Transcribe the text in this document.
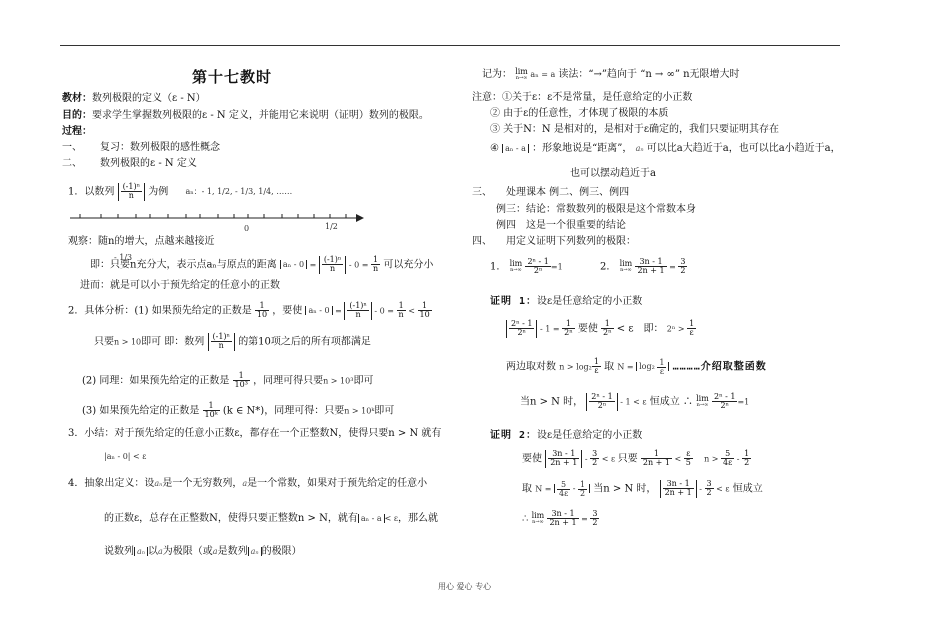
第十七教时
教材：数列极限的定义（ε - N）
目的：要求学生掌握数列极限的ε - N 定义，并能用它来说明（证明）数列的极限。
过程：
一、 复习：数列极限的感性概念
二、 数列极限的ε - N 定义
1．以数列 $\frac{\text{(-1)ⁿ}}{n}$ 为例 aₙ：- 1, 1/2, - 1/3, 1/4, ……
0	1/2
- 1/3
观察：随n的增大，点越来越接近
即：只要n充分大，表示点aₙ与原点的距离 $a_n - 0 = \frac{\text{(-1)ⁿ}}{n} - 0 = \frac{1}{n}$ 可以充分小
进而：就是可以小于预先给定的任意小的正数
2．具体分析：(1) 如果预先给定的正数是 $\frac{1}{10}$ ，要使 $a_n - 0 = \frac{\text{(-1)ⁿ}}{n} - 0 = \frac{1}{n} < \frac{1}{10}$
只要n > 10即可 即：数列 $\frac{\text{(-1)ⁿ}}{n}$ 的第10项之后的所有项都满足
(2) 同理：如果预先给定的正数是 $\frac{1}{\text{10³}}$ ，同理可得只要n > 10³即可
(3) 如果预先给定的正数是 $\frac{1}{\text{10ᵏ}} (k$ ∈ N*)，同理可得：只要n > 10ᵏ即可
3．小结：对于预先给定的任意小正数ε，都存在一个正整数N，使得只要n > N 就有
|aₙ - 0| < ε
4．抽象出定义：设aₙ是一个无穷数列，a是一个常数，如果对于预先给定的任意小
的正数ε，总存在正整数N，使得只要正整数n > N，就有 aₙ - a < ε，那么就
说数列 aₙ 以a为极限（或a是数列 aₙ 的极限）
记为： lim
n→∞ aₙ = a 读法：“→”趋向于 “n → ∞” n无限增大时
注意：①关于ε：ε不是常量，是任意给定的小正数
② 由于ε的任意性，才体现了极限的本质
③ 关于N：N 是相对的，是相对于ε确定的，我们只要证明其存在
④ aₙ - a ：形象地说是“距离”， aₙ 可以比a大趋近于a，也可以比a小趋近于a，
也可以摆动趋近于a
三、 处理课本 例二、例三、例四
例三：结论：常数数列的极限是这个常数本身
例四　这是一个很重要的结论
四、 用定义证明下列数列的极限：
1． lim
n→∞
$\frac{\text{2ⁿ - 1}}{\text{2ⁿ}} =1$	2． lim
n→∞
$\frac{3n - 1}{2n + 1} = \frac{3}{2}$
证明 1：设ε是任意给定的小正数
$\frac{\text{2ⁿ - 1}}{\text{2ⁿ}} - 1 = \frac{1}{\text{2ⁿ}}$ 要使 $\frac{1}{\text{2ⁿ}} < \varepsilon$　即： $2^n > \frac{1}{\varepsilon}$
两边取对数 $n > \log_2 \frac{1}{\varepsilon}$ 取 $N = \log_2 \frac{1}{\varepsilon}$ …………介绍取整函数
当n > N 时， $\frac{\text{2ⁿ - 1}}{\text{2ⁿ}} - 1 < \varepsilon$ 恒成立 ∴ lim
n→∞
$\frac{\text{2ⁿ - 1}}{\text{2ⁿ}} =1$
证明 2：设ε是任意给定的小正数
要使 $\frac{3n - 1}{2n + 1} - \frac{3}{2} < \varepsilon$ 只要 $\frac{1}{2n + 1} < \frac{\varepsilon}{5}$ 　$n > \frac{5}{4\varepsilon} - \frac{1}{2}$
取 $N = \frac{5}{4\varepsilon} - \frac{1}{2}$ 当n > N 时， $\frac{3n - 1}{2n + 1} - \frac{3}{2} < \varepsilon$ 恒成立
∴ lim
n→∞
$\frac{3n - 1}{2n + 1} = \frac{3}{2}$
用心 爱心 专心
